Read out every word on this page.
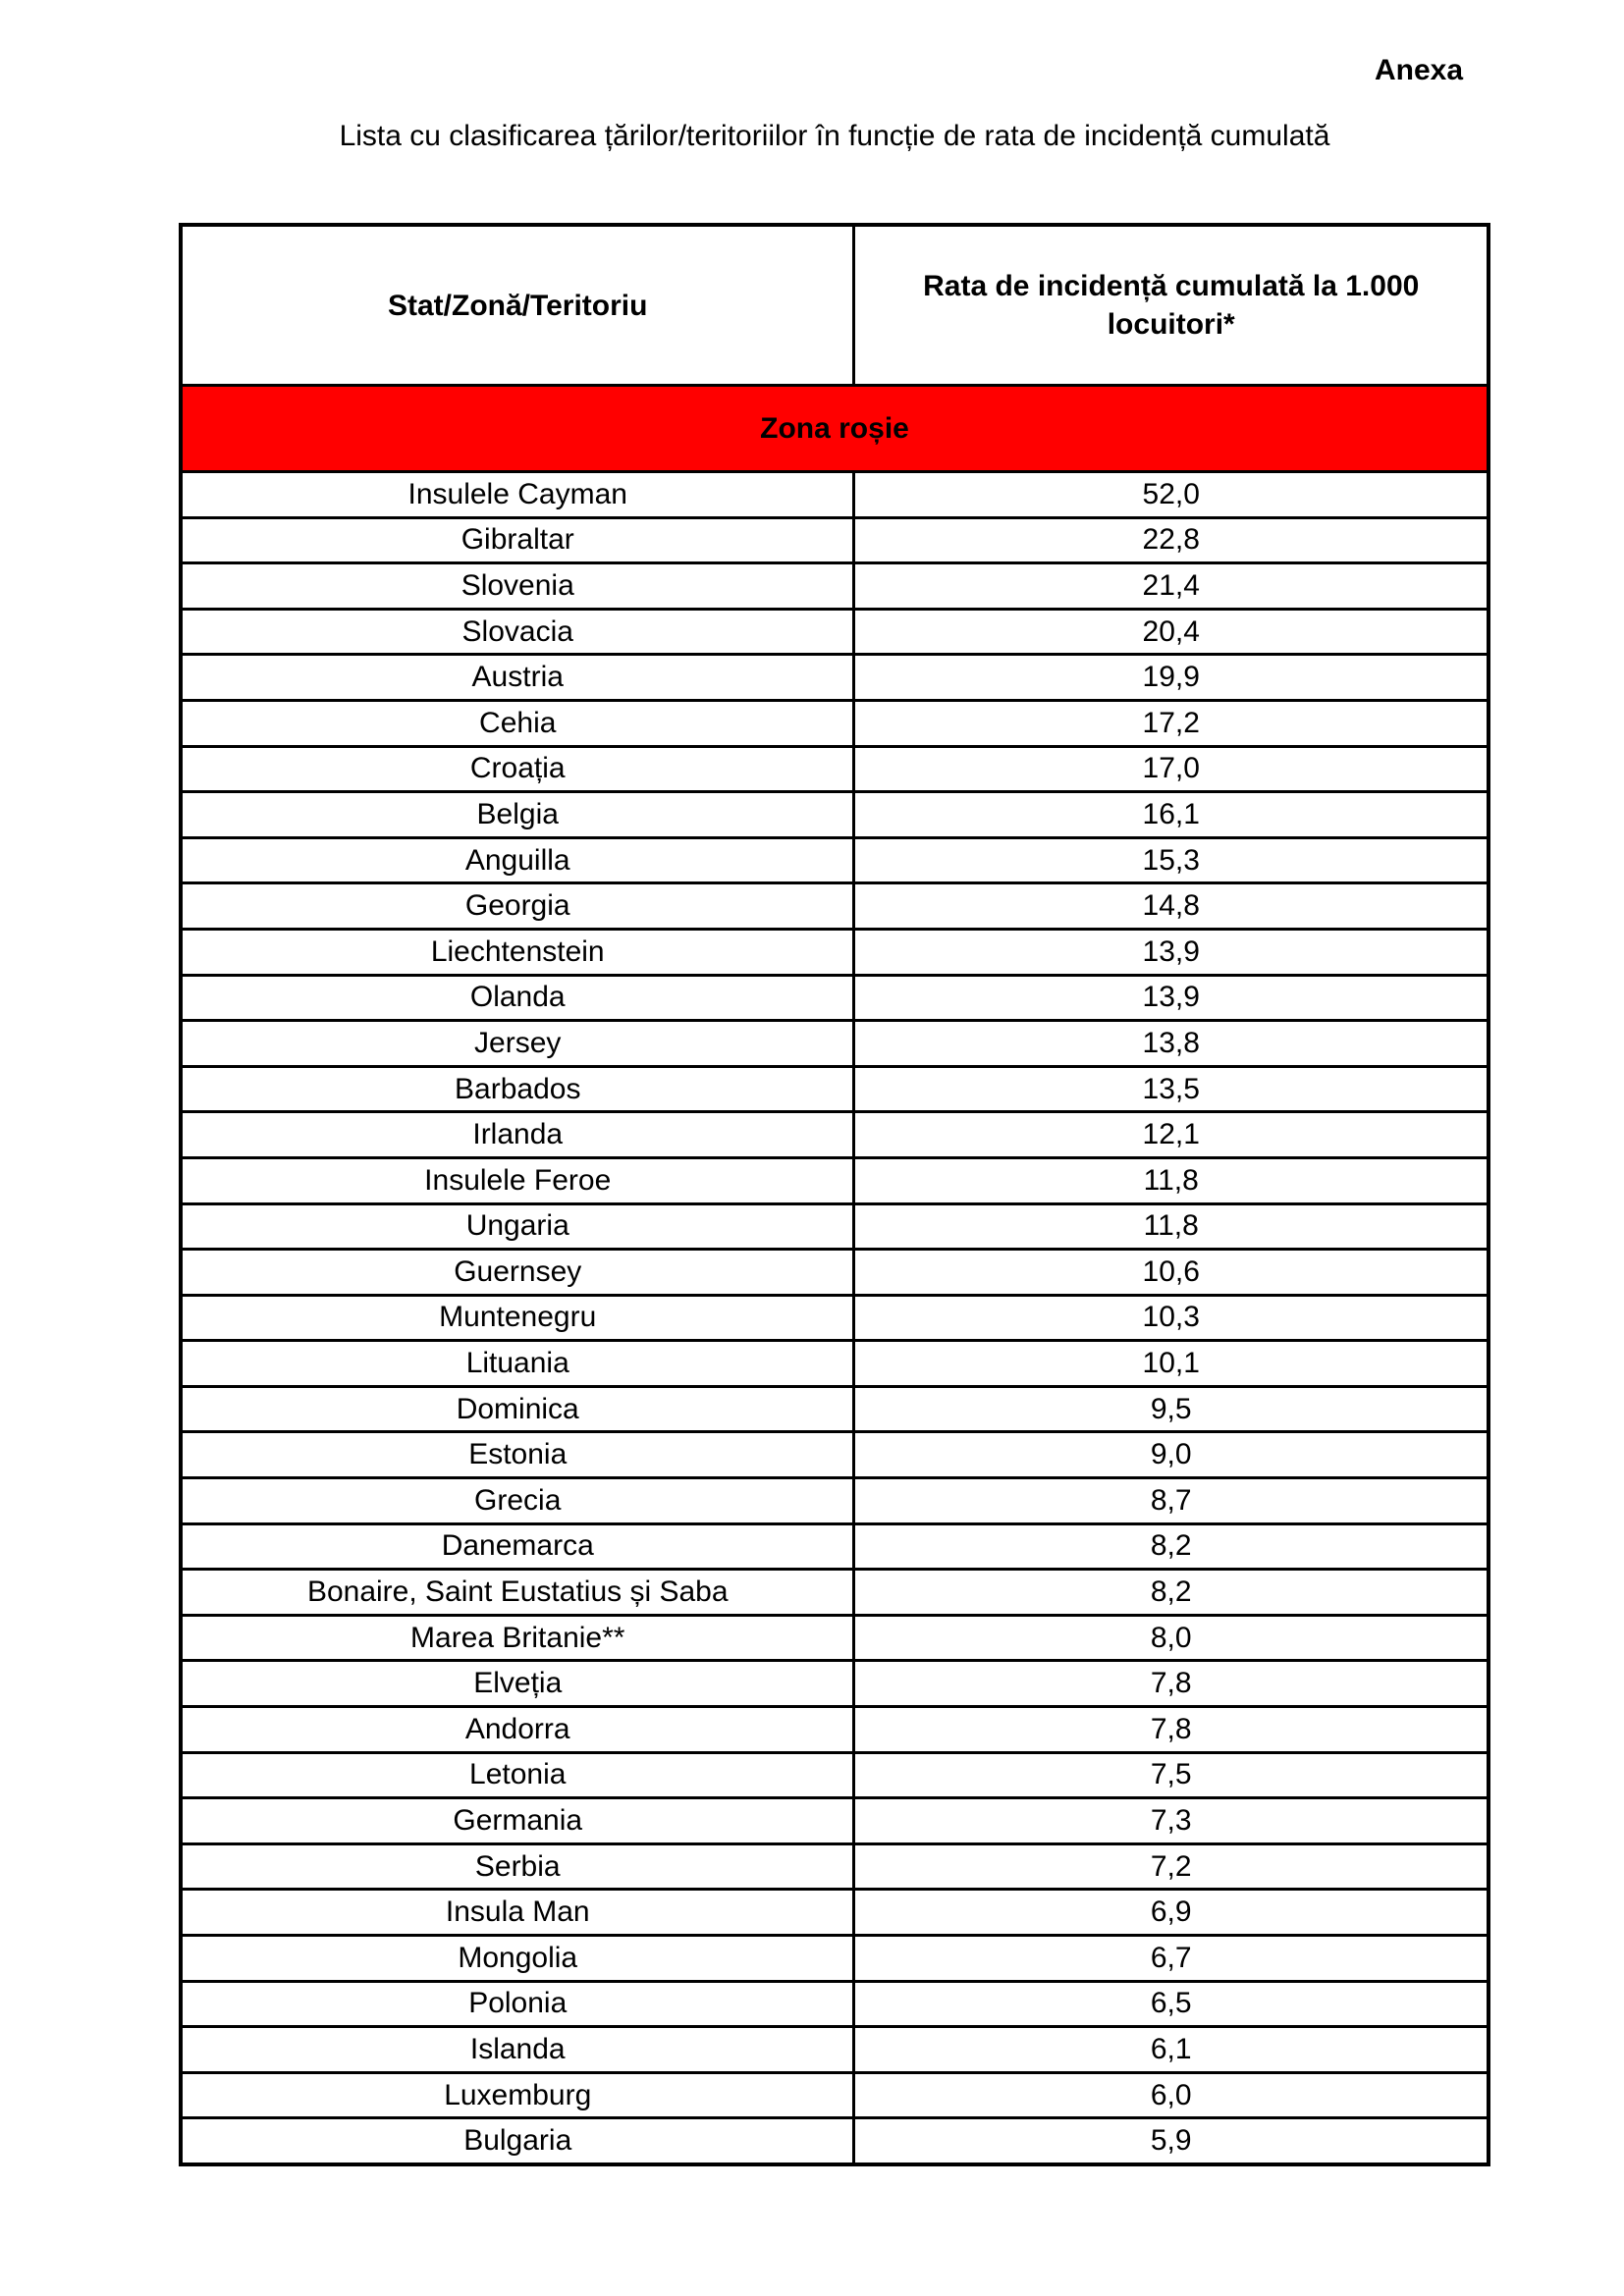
Anexa
Lista cu clasificarea țărilor/teritoriilor în funcție de rata de incidență cumulată
Stat/Zonă/Teritoriu	Rata de incidență cumulată la 1.000 locuitori*
Zona roșie	
Insulele Cayman	52,0
Gibraltar	22,8
Slovenia	21,4
Slovacia	20,4
Austria	19,9
Cehia	17,2
Croația	17,0
Belgia	16,1
Anguilla	15,3
Georgia	14,8
Liechtenstein	13,9
Olanda	13,9
Jersey	13,8
Barbados	13,5
Irlanda	12,1
Insulele Feroe	11,8
Ungaria	11,8
Guernsey	10,6
Muntenegru	10,3
Lituania	10,1
Dominica	9,5
Estonia	9,0
Grecia	8,7
Danemarca	8,2
Bonaire, Saint Eustatius și Saba	8,2
Marea Britanie**	8,0
Elveția	7,8
Andorra	7,8
Letonia	7,5
Germania	7,3
Serbia	7,2
Insula Man	6,9
Mongolia	6,7
Polonia	6,5
Islanda	6,1
Luxemburg	6,0
Bulgaria	5,9
